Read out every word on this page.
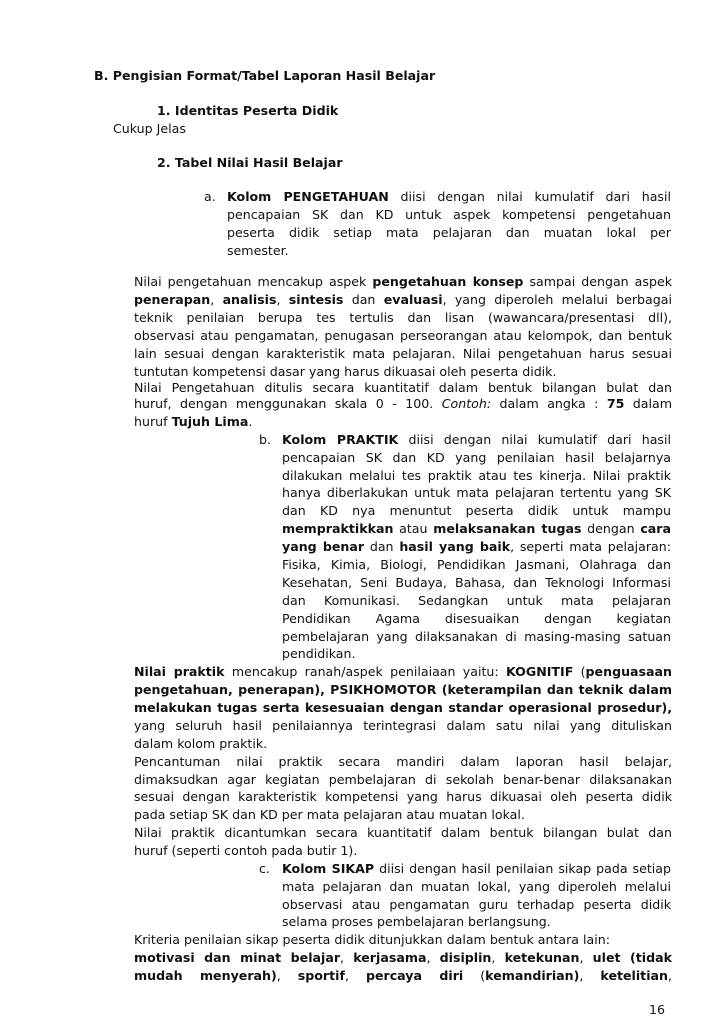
B. Pengisian Format/Tabel Laporan Hasil Belajar
1. Identitas Peserta Didik
Cukup Jelas
2. Tabel Nilai Hasil Belajar
a. Kolom PENGETAHUAN diisi dengan nilai kumulatif dari hasil
pencapaian SK dan KD untuk aspek kompetensi pengetahuan
peserta didik setiap mata pelajaran dan muatan lokal per
semester.
Nilai pengetahuan mencakup aspek pengetahuan konsep sampai dengan aspek
penerapan, analisis, sintesis dan evaluasi, yang diperoleh melalui berbagai
teknik penilaian berupa tes tertulis dan lisan (wawancara/presentasi dll),
observasi atau pengamatan, penugasan perseorangan atau kelompok, dan bentuk
lain sesuai dengan karakteristik mata pelajaran. Nilai pengetahuan harus sesuai
tuntutan kompetensi dasar yang harus dikuasai oleh peserta didik.
Nilai Pengetahuan ditulis secara kuantitatif dalam bentuk bilangan bulat dan
huruf, dengan menggunakan skala 0 - 100. Contoh: dalam angka : 75 dalam
huruf Tujuh Lima.
b. Kolom PRAKTIK diisi dengan nilai kumulatif dari hasil
pencapaian SK dan KD yang penilaian hasil belajarnya
dilakukan melalui tes praktik atau tes kinerja. Nilai praktik
hanya diberlakukan untuk mata pelajaran tertentu yang SK
dan KD nya menuntut peserta didik untuk mampu
mempraktikkan atau melaksanakan tugas dengan cara
yang benar dan hasil yang baik, seperti mata pelajaran:
Fisika, Kimia, Biologi, Pendidikan Jasmani, Olahraga dan
Kesehatan, Seni Budaya, Bahasa, dan Teknologi Informasi
dan Komunikasi. Sedangkan untuk mata pelajaran
Pendidikan Agama disesuaikan dengan kegiatan
pembelajaran yang dilaksanakan di masing-masing satuan
pendidikan.
Nilai praktik mencakup ranah/aspek penilaiaan yaitu: KOGNITIF (penguasaan
pengetahuan, penerapan), PSIKHOMOTOR (keterampilan dan teknik dalam
melakukan tugas serta kesesuaian dengan standar operasional prosedur),
yang seluruh hasil penilaiannya terintegrasi dalam satu nilai yang dituliskan
dalam kolom praktik.
Pencantuman nilai praktik secara mandiri dalam laporan hasil belajar,
dimaksudkan agar kegiatan pembelajaran di sekolah benar-benar dilaksanakan
sesuai dengan karakteristik kompetensi yang harus dikuasai oleh peserta didik
pada setiap SK dan KD per mata pelajaran atau muatan lokal.
Nilai praktik dicantumkan secara kuantitatif dalam bentuk bilangan bulat dan
huruf (seperti contoh pada butir 1).
c. Kolom SIKAP diisi dengan hasil penilaian sikap pada setiap
mata pelajaran dan muatan lokal, yang diperoleh melalui
observasi atau pengamatan guru terhadap peserta didik
selama proses pembelajaran berlangsung.
Kriteria penilaian sikap peserta didik ditunjukkan dalam bentuk antara lain:
motivasi dan minat belajar, kerjasama, disiplin, ketekunan, ulet (tidak
mudah menyerah), sportif, percaya diri (kemandirian), ketelitian,
16
